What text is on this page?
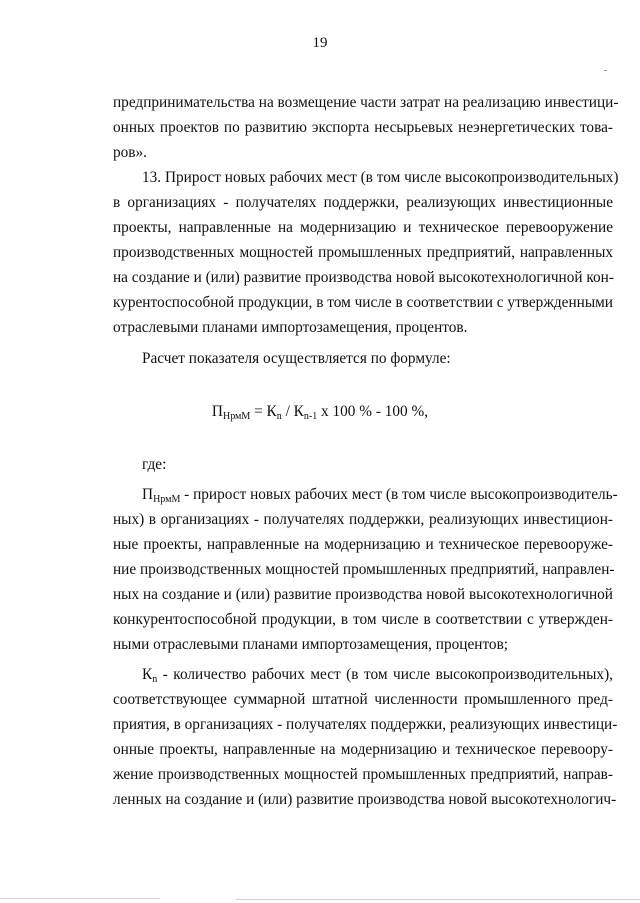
19
предпринимательства на возмещение части затрат на реализацию инвестици-
онных проектов по развитию экспорта несырьевых неэнергетических това-
ров».
13. Прирост новых рабочих мест (в том числе высокопроизводительных)
в организациях - получателях поддержки, реализующих инвестиционные
проекты, направленные на модернизацию и техническое перевооружение
производственных мощностей промышленных предприятий, направленных
на создание и (или) развитие производства новой высокотехнологичной кон-
курентоспособной продукции, в том числе в соответствии с утвержденными
отраслевыми планами импортозамещения, процентов.
Расчет показателя осуществляется по формуле:
$П_{НрмМ} = К_n / К_{n-1}$ х 100 % - 100 %,
где:
$П_{НрмМ}$ - прирост новых рабочих мест (в том числе высокопроизводитель-
ных) в организациях - получателях поддержки, реализующих инвестицион-
ные проекты, направленные на модернизацию и техническое перевооруже-
ние производственных мощностей промышленных предприятий, направлен-
ных на создание и (или) развитие производства новой высокотехнологичной
конкурентоспособной продукции, в том числе в соответствии с утвержден-
ными отраслевыми планами импортозамещения, процентов;
$К_n$ - количество рабочих мест (в том числе высокопроизводительных),
соответствующее суммарной штатной численности промышленного пред-
приятия, в организациях - получателях поддержки, реализующих инвестици-
онные проекты, направленные на модернизацию и техническое перевоору-
жение производственных мощностей промышленных предприятий, направ-
ленных на создание и (или) развитие производства новой высокотехнологич-
